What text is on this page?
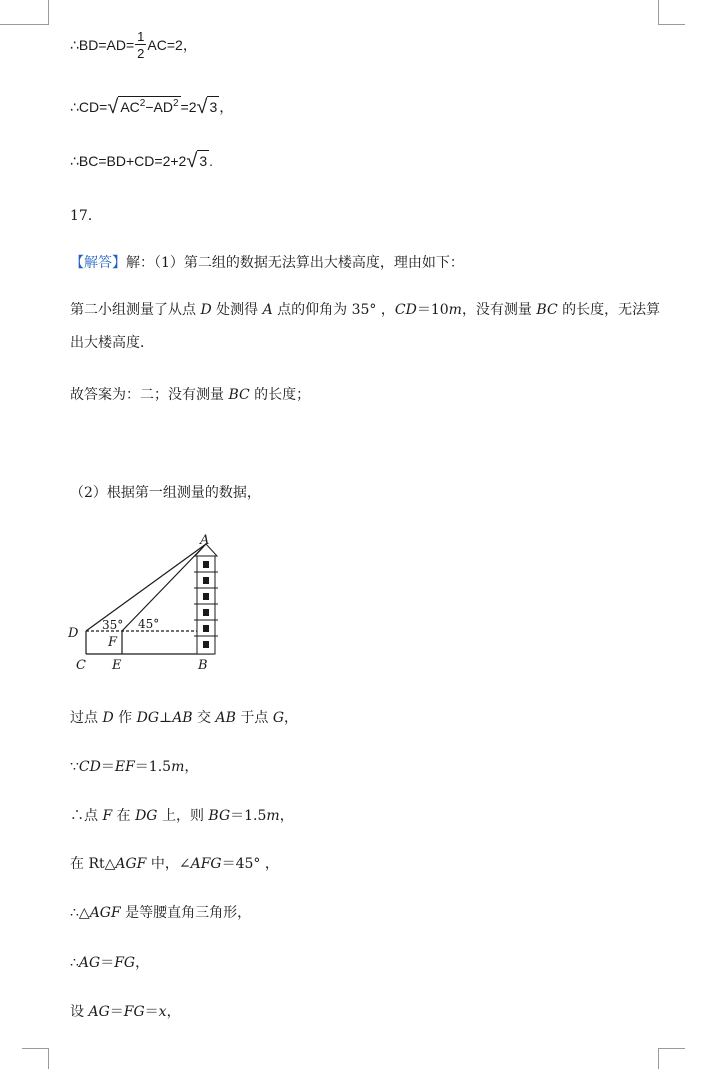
∴ $BD=AD= \frac{1}{2} AC=2$ ，
∴ CD= √ $AC^2-AD^2 =2$ √ 3 ，
∴ BC=BD+CD=2+2 √ 3 .
17．
【解答】解：（1）第二组的数据无法算出大楼高度，理由如下：
第二小组测量了从点 D 处测得 A 点的仰角为 35° ，CD＝10m，没有测量 BC 的长度，无法算出大楼高度．
故答案为：二；没有测量 BC 的长度；
（2）根据第一组测量的数据，
A
B
C
D
E
F
35° 45°
过点 D 作 DG⊥AB 交 AB 于点 G，
∵CD＝EF＝1.5m，
∴点 F 在 DG 上，则 BG＝1.5m，
在 Rt△AGF 中，∠AFG＝45° ，
∴△AGF 是等腰直角三角形，
∴AG＝FG，
设 AG＝FG＝x，
